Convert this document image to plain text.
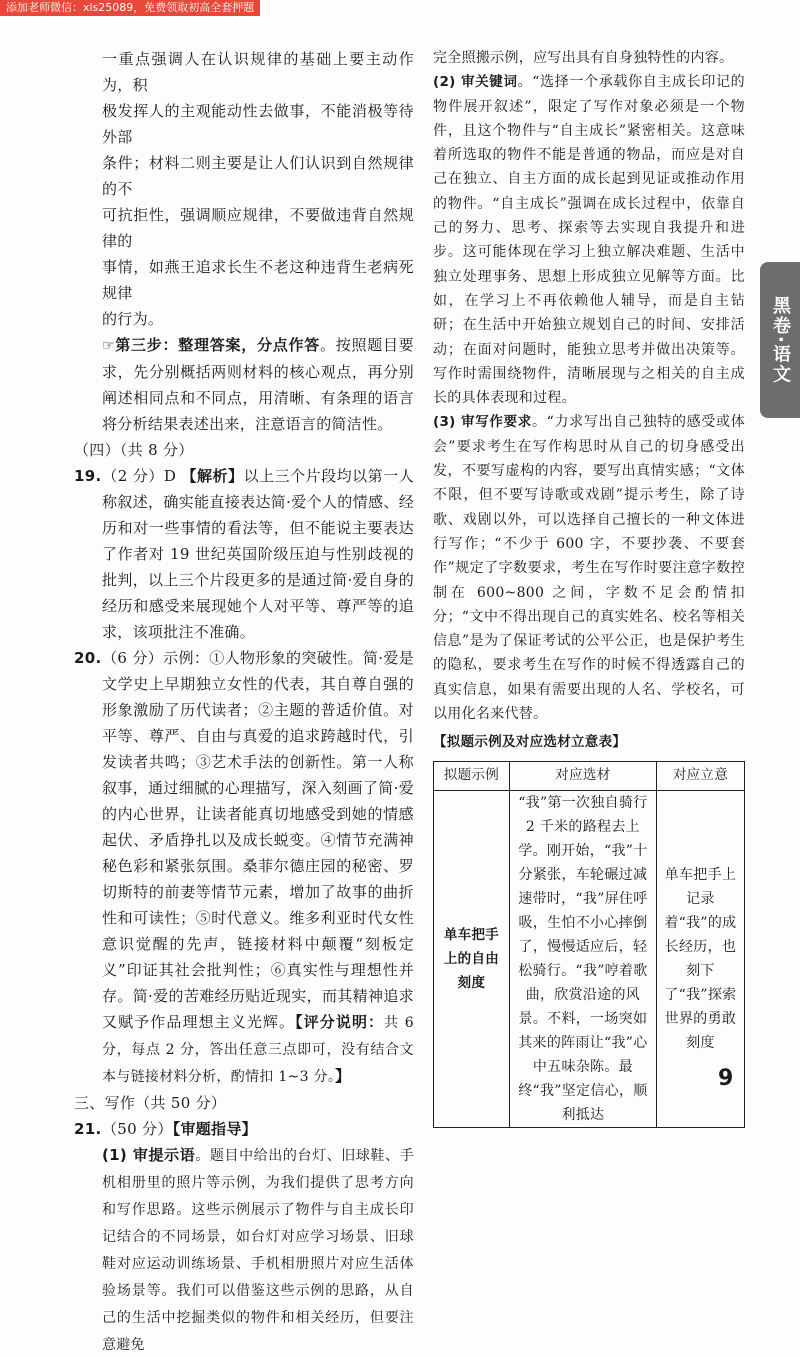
添加老师微信：xls25089，免费领取初高全套押题

一重点强调人在认识规律的基础上要主动作为，积

极发挥人的主观能动性去做事，不能消极等待外部

条件；材料二则主要是让人们认识到自然规律的不

可抗拒性，强调顺应规律，不要做违背自然规律的

事情，如燕王追求长生不老这种违背生老病死规律

的行为。

☞第三步：整理答案，分点作答。按照题目要求，先分别概括两则材料的核心观点，再分别阐述相同点和不同点，用清晰、有条理的语言将分析结果表述出来，注意语言的简洁性。

（四）（共 8 分）

19.（2 分）D 【解析】以上三个片段均以第一人称叙述，确实能直接表达简·爱个人的情感、经历和对一些事情的看法等，但不能说主要表达了作者对 19 世纪英国阶级压迫与性别歧视的批判，以上三个片段更多的是通过简·爱自身的经历和感受来展现她个人对平等、尊严等的追求，该项批注不准确。

20.（6 分）示例：①人物形象的突破性。简·爱是文学史上早期独立女性的代表，其自尊自强的形象激励了历代读者；②主题的普适价值。对平等、尊严、自由与真爱的追求跨越时代，引发读者共鸣；③艺术手法的创新性。第一人称叙事，通过细腻的心理描写，深入刻画了简·爱的内心世界，让读者能真切地感受到她的情感起伏、矛盾挣扎以及成长蜕变。④情节充满神秘色彩和紧张氛围。桑菲尔德庄园的秘密、罗切斯特的前妻等情节元素，增加了故事的曲折性和可读性；⑤时代意义。维多利亚时代女性意识觉醒的先声，链接材料中颠覆“刻板定义”印证其社会批判性；⑥真实性与理想性并存。简·爱的苦难经历贴近现实，而其精神追求又赋予作品理想主义光辉。【评分说明：共 6 分，每点 2 分，答出任意三点即可，没有结合文本与链接材料分析，酌情扣 1~3 分。】

三、写作（共 50 分）

21.（50 分）【审题指导】

(1) 审提示语。题目中给出的台灯、旧球鞋、手机相册里的照片等示例，为我们提供了思考方向和写作思路。这些示例展示了物件与自主成长印记结合的不同场景，如台灯对应学习场景、旧球鞋对应运动训练场景、手机相册照片对应生活体验场景等。我们可以借鉴这些示例的思路，从自己的生活中挖掘类似的物件和相关经历，但要注意避免

完全照搬示例，应写出具有自身独特性的内容。

(2) 审关键词。“选择一个承载你自主成长印记的物件展开叙述”，限定了写作对象必须是一个物件，且这个物件与“自主成长”紧密相关。这意味着所选取的物件不能是普通的物品，而应是对自己在独立、自主方面的成长起到见证或推动作用的物件。“自主成长”强调在成长过程中，依靠自己的努力、思考、探索等去实现自我提升和进步。这可能体现在学习上独立解决难题、生活中独立处理事务、思想上形成独立见解等方面。比如，在学习上不再依赖他人辅导，而是自主钻研；在生活中开始独立规划自己的时间、安排活动；在面对问题时，能独立思考并做出决策等。写作时需围绕物件，清晰展现与之相关的自主成长的具体表现和过程。

(3) 审写作要求。“力求写出自己独特的感受或体会”要求考生在写作构思时从自己的切身感受出发，不要写虚构的内容，要写出真情实感；“文体不限，但不要写诗歌或戏剧”提示考生，除了诗歌、戏剧以外，可以选择自己擅长的一种文体进行写作；“不少于 600 字，不要抄袭、不要套作”规定了字数要求，考生在写作时要注意字数控制在 600~800 之间，字数不足会酌情扣分；“文中不得出现自己的真实姓名、校名等相关信息”是为了保证考试的公平公正，也是保护考生的隐私，要求考生在写作的时候不得透露自己的真实信息，如果有需要出现的人名、学校名，可以用化名来代替。

【拟题示例及对应选材立意表】
拟题示例	对应选材	对应立意
单车把手上的自由刻度	“我”第一次独自骑行 2 千米的路程去上学。刚开始，“我”十分紧张，车轮碾过减速带时，“我”屏住呼吸，生怕不小心摔倒了，慢慢适应后，轻松骑行。“我”哼着歌曲，欣赏沿途的风景。不料，一场突如其来的阵雨让“我”心中五味杂陈。最终“我”坚定信心，顺利抵达	单车把手上记录着“我”的成长经历，也刻下了“我”探索世界的勇敢刻度
黑卷·语文
9
